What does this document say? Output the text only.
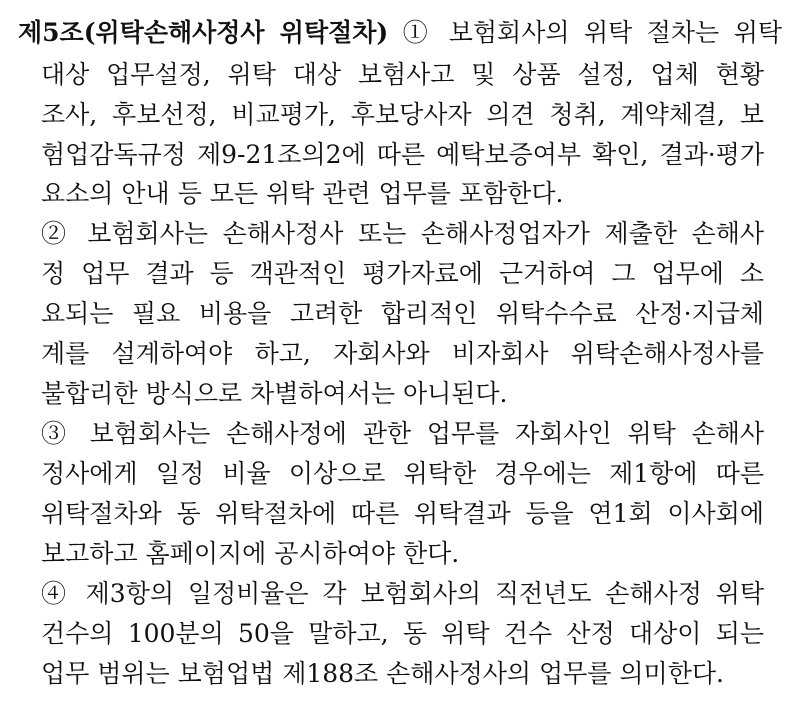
제5조(위탁손해사정사 위탁절차) ① 보험회사의 위탁 절차는 위탁
대상 업무설정, 위탁 대상 보험사고 및 상품 설정, 업체 현황
조사, 후보선정, 비교평가, 후보당사자 의견 청취, 계약체결, 보
험업감독규정 제9-21조의2에 따른 예탁보증여부 확인, 결과·평가
요소의 안내 등 모든 위탁 관련 업무를 포함한다.
② 보험회사는 손해사정사 또는 손해사정업자가 제출한 손해사
정 업무 결과 등 객관적인 평가자료에 근거하여 그 업무에 소
요되는 필요 비용을 고려한 합리적인 위탁수수료 산정·지급체
계를 설계하여야 하고, 자회사와 비자회사 위탁손해사정사를
불합리한 방식으로 차별하여서는 아니된다.
③ 보험회사는 손해사정에 관한 업무를 자회사인 위탁 손해사
정사에게 일정 비율 이상으로 위탁한 경우에는 제1항에 따른
위탁절차와 동 위탁절차에 따른 위탁결과 등을 연1회 이사회에
보고하고 홈페이지에 공시하여야 한다.
④ 제3항의 일정비율은 각 보험회사의 직전년도 손해사정 위탁
건수의 100분의 50을 말하고, 동 위탁 건수 산정 대상이 되는
업무 범위는 보험업법 제188조 손해사정사의 업무를 의미한다.
